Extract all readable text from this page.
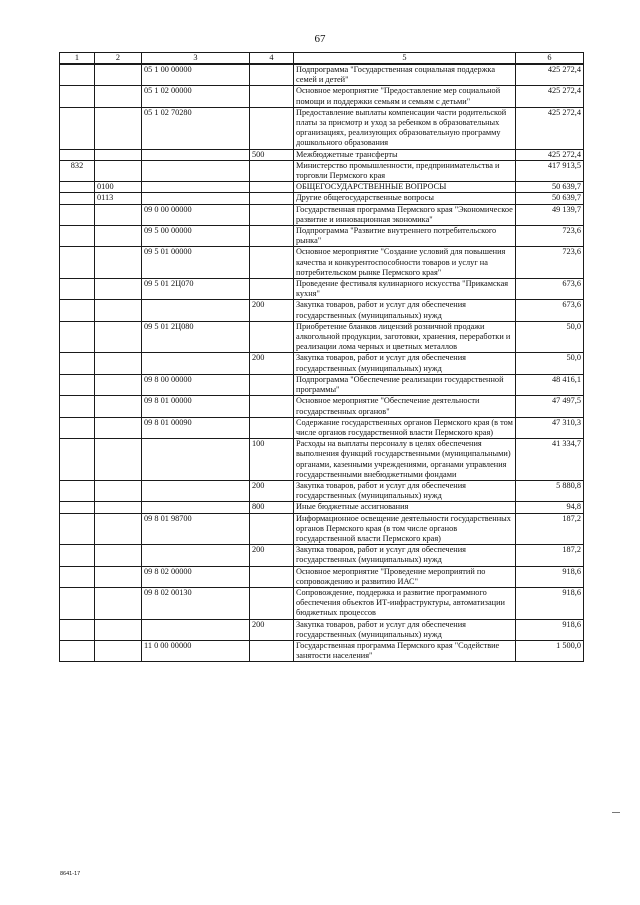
67
1	2	3	4	5	6
		05 1 00 00000		Подпрограмма "Государственная социальная поддержка семей и детей"	425 272,4
		05 1 02 00000		Основное мероприятие "Предоставление мер социальной помощи и поддержки семьям и семьям с детьми"	425 272,4
		05 1 02 70280		Предоставление выплаты компенсации части родительской платы за присмотр и уход за ребенком в образовательных организациях, реализующих образовательную программу дошкольного образования	425 272,4
			500	Межбюджетные трансферты	425 272,4
832				Министерство промышленности, предпринимательства и торговли Пермского края	417 913,5
	0100			ОБЩЕГОСУДАРСТВЕННЫЕ ВОПРОСЫ	50 639,7
	0113			Другие общегосударственные вопросы	50 639,7
		09 0 00 00000		Государственная программа Пермского края "Экономическое развитие и инновационная экономика"	49 139,7
		09 5 00 00000		Подпрограмма "Развитие внутреннего потребительского рынка"	723,6
		09 5 01 00000		Основное мероприятие "Создание условий для повышения качества и конкурентоспособности товаров и услуг на потребительском рынке Пермского края"	723,6
		09 5 01 2Ц070		Проведение фестиваля кулинарного искусства "Прикамская кухня"	673,6
			200	Закупка товаров, работ и услуг для обеспечения государственных (муниципальных) нужд	673,6
		09 5 01 2Ц080		Приобретение бланков лицензий розничной продажи алкогольной продукции, заготовки, хранения, переработки и реализации лома черных и цветных металлов	50,0
			200	Закупка товаров, работ и услуг для обеспечения государственных (муниципальных) нужд	50,0
		09 8 00 00000		Подпрограмма "Обеспечение реализации государственной программы"	48 416,1
		09 8 01 00000		Основное мероприятие "Обеспечение деятельности государственных органов"	47 497,5
		09 8 01 00090		Содержание государственных органов Пермского края (в том числе органов государственной власти Пермского края)	47 310,3
			100	Расходы на выплаты персоналу в целях обеспечения выполнения функций государственными (муниципальными) органами, казенными учреждениями, органами управления государственными внебюджетными фондами	41 334,7
			200	Закупка товаров, работ и услуг для обеспечения государственных (муниципальных) нужд	5 880,8
			800	Иные бюджетные ассигнования	94,8
		09 8 01 98700		Информационное освещение деятельности государственных органов Пермского края (в том числе органов государственной власти Пермского края)	187,2
			200	Закупка товаров, работ и услуг для обеспечения государственных (муниципальных) нужд	187,2
		09 8 02 00000		Основное мероприятие "Проведение мероприятий по сопровождению и развитию ИАС"	918,6
		09 8 02 00130		Сопровождение, поддержка и развитие программного обеспечения объектов ИТ-инфраструктуры, автоматизации бюджетных процессов	918,6
			200	Закупка товаров, работ и услуг для обеспечения государственных (муниципальных) нужд	918,6
		11 0 00 00000		Государственная программа Пермского края "Содействие занятости населения"	1 500,0
8641-17
